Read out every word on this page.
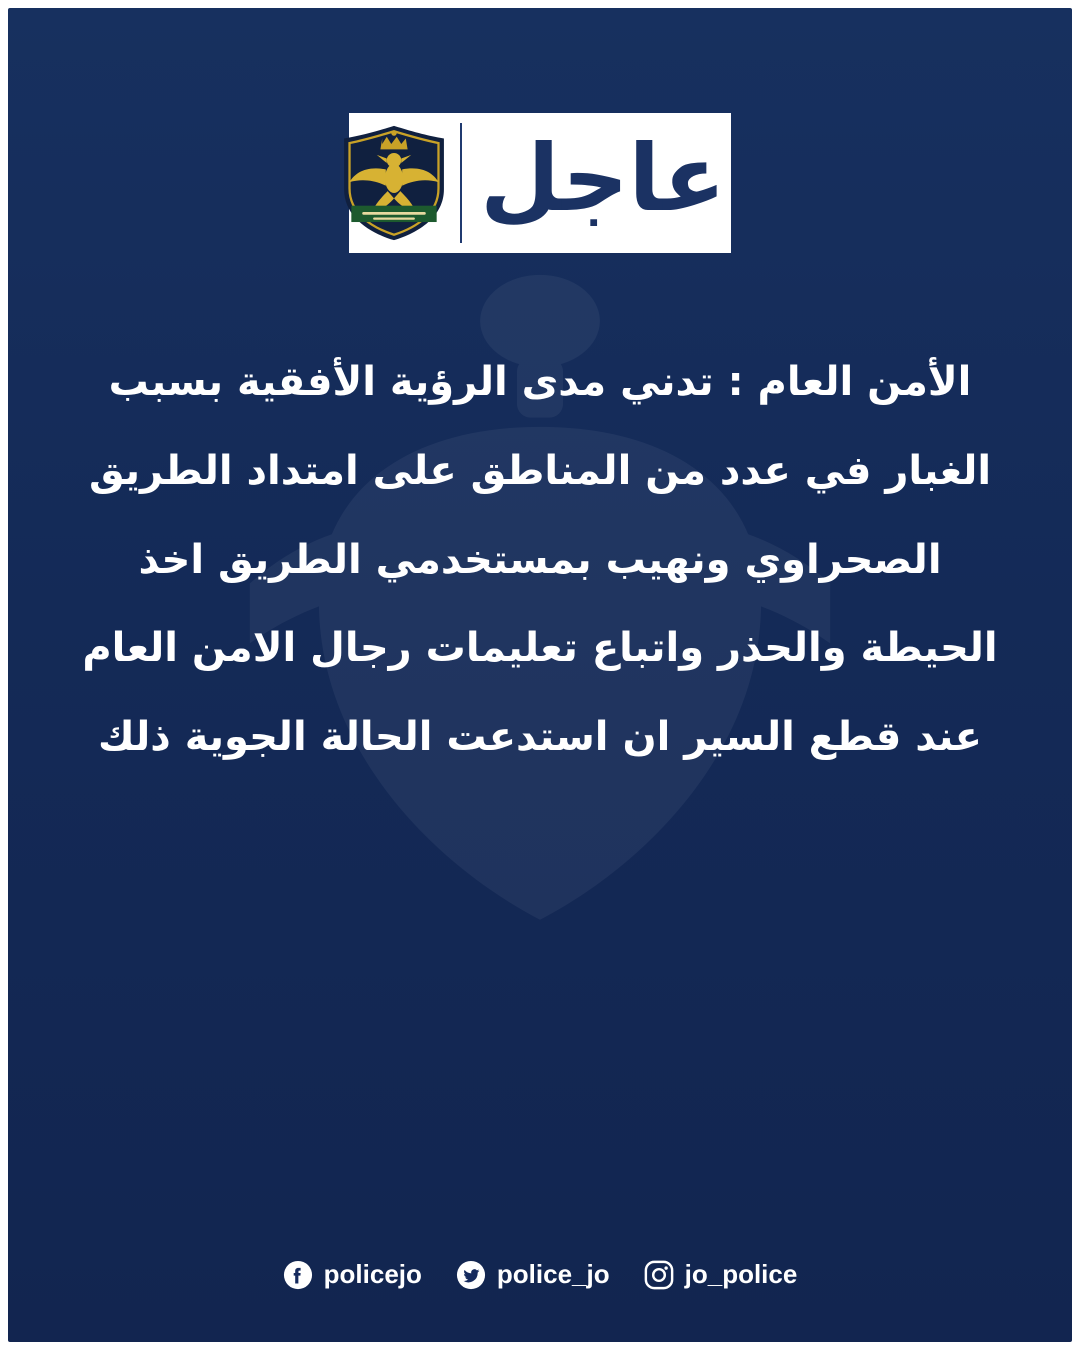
عاجل
الأمن العام : تدني مدى الرؤية الأفقية بسبب الغبار في عدد من المناطق على امتداد الطريق الصحراوي ونهيب بمستخدمي الطريق اخذ الحيطة والحذر واتباع تعليمات رجال الامن العام عند قطع السير ان استدعت الحالة الجوية ذلك
policejo	police_jo	jo_police
